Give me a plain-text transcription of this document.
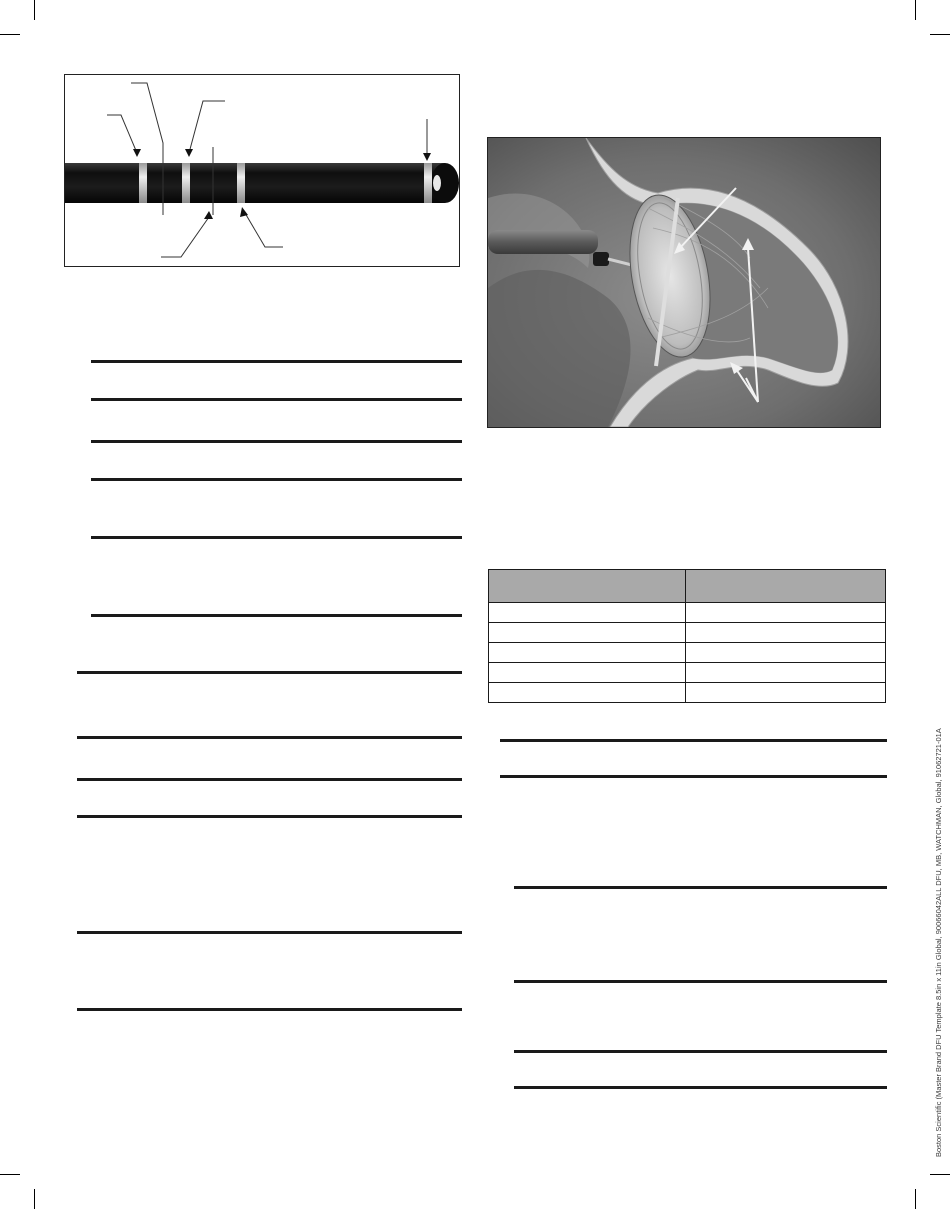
Boston Scientific (Master Brand DFU Template 8.5in x 11in Global, 90066042ALL DFU, MB, WATCHMAN, Global, 91062721-01A
